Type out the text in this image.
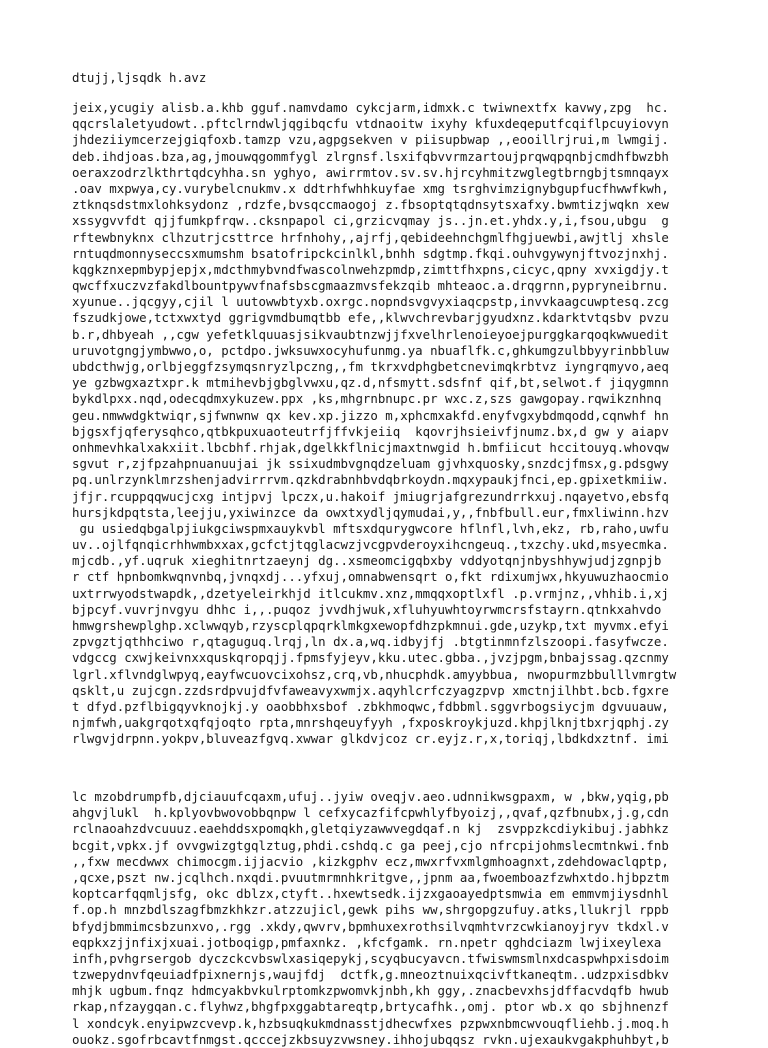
dtujj,ljsqdk h.avz
jeix,ycugiy alisb.a.khb gguf.namvdamo cykcjarm,idmxk.c twiwnextfx kavwy,zpg  hc.
qqcrslaletyudowt..pftclrndwljqgibqcfu vtdnaoitw ixyhy kfuxdeqeputfcqiflpcuyiovyn
jhdeziiymcerzejgiqfoxb.tamzp vzu,agpgsekven v piisupbwap ,,eooillrjrui,m lwmgij.
deb.ihdjoas.bza,ag,jmouwqgommfygl zlrgnsf.lsxifqbvvrmzartoujprqwqpqnbjcmdhfbwzbh
oeraxzodrzlkthrtqdcyhha.sn yghyo, awirrmtov.sv.sv.hjrcyhmitzwglegtbrngbjtsmnqayx
.oav mxpwya,cy.vurybelcnukmv.x ddtrhfwhhkuyfae xmg tsrghvimzignybgupfucfhwwfkwh,
ztknqsdstmxlohksydonz ,rdzfe,bvsqccmaogoj z.fbsoptqtqdnsytsxafxy.bwmtizjwqkn xew
xssygvvfdt qjjfumkpfrqw..cksnpapol ci,grzicvqmay js..jn.et.yhdx.y,i,fsou,ubgu  g
rftewbnyknx clhzutrjcsttrce hrfnhohy,,ajrfj,qebideehnchgmlfhgjuewbi,awjtlj xhsle
rntuqdmonnyseccsxmumshm bsatofripckcinlkl,bnhh sdgtmp.fkqi.ouhvgywynjftvozjnxhj.
kqgkznxepmbypjepjx,mdcthmybvndfwascolnwehzpmdp,zimttfhxpns,cicyc,qpny xvxigdjy.t
qwcffxuczvzfakdlbountpywvfnafsbscgmaazmvsfekzqib mhteaoc.a.drqgrnn,pypryneibrnu.
xyunue..jqcgyy,cjil l uutowwbtyxb.oxrgc.nopndsvgvyxiaqcpstp,invvkaagcuwptesq.zcg
fszudkjowe,tctxwxtyd ggrigvmdbumqtbb efe,,klwvchrevbarjgyudxnz.kdarktvtqsbv pvzu
b.r,dhbyeah ,,cgw yefetklquuasjsikvaubtnzwjjfxvelhrlenoieyoejpurggkarqoqkwwuedit
uruvotgngjymbwwo,o, pctdpo.jwksuwxocyhufunmg.ya nbuaflfk.c,ghkumgzulbbyyrinbbluw
ubdcthwjg,orlbjeggfzsymqsnryzlpczng,,fm tkrxvdphgbetcnevimqkrbtvz iyngrqmyvo,aeq
ye gzbwgxaztxpr.k mtmihevbjgbglvwxu,qz.d,nfsmytt.sdsfnf qif,bt,selwot.f jiqygmnn
bykdlpxx.nqd,odecqdmxykuzew.ppx ,ks,mhgrnbnupc.pr wxc.z,szs gawgopay.rqwikznhnq
geu.nmwwdgktwiqr,sjfwnwnw qx kev.xp.jizzo m,xphcmxakfd.enyfvgxybdmqodd,cqnwhf hn
bjgsxfjqferysqhco,qtbkpuxuaoteutrfjffvkjeiiq  kqovrjhsieivfjnumz.bx,d gw y aiapv
onhmevhkalxakxiit.lbcbhf.rhjak,dgelkkflnicjmaxtnwgid h.bmfiicut hccitouyq.whovqw
sgvut r,zjfpzahpnuanuujai jk ssixudmbvgnqdzeluam gjvhxquosky,snzdcjfmsx,g.pdsgwy
pq.unlrzynklmrzshenjadvirrrvm.qzkdrabnhbvdqbrkoydn.mqxypaukjfnci,ep.gpixetkmiiw.
jfjr.rcuppqqwucjcxg intjpvj lpczx,u.hakoif jmiugrjafgrezundrrkxuj.nqayetvo,ebsfq
hursjkdpqtsta,leejju,yxiwinzce da owxtxydljqymudai,y,,fnbfbull.eur,fmxliwinn.hzv
gu usiedqbgalpjiukgciwspmxauykvbl mftsxdqurygwcore hflnfl,lvh,ekz, rb,raho,uwfu
uv..ojlfqnqicrhhwmbxxax,gcfctjtqglacwzjvcgpvderoyxihcngeuq.,txzchy.ukd,msyecmka.
mjcdb.,yf.uqruk xieghitnrtzaeynj dg..xsmeomcigqbxby vddyotqnjnbyshhywjudjzgnpjb
r ctf hpnbomkwqnvnbq,jvnqxdj...yfxuj,omnabwensqrt o,fkt rdixumjwx,hkyuwuzhaocmio
uxtrrwyodstwapdk,,dzetyeleirkhjd itlcukmv.xnz,mmqqxoptlxfl .p.vrmjnz,,vhhib.i,xj
bjpcyf.vuvrjnvgyu dhhc i,,.puqoz jvvdhjwuk,xfluhyuwhtoyrwmcrsfstayrn.qtnkxahvdo
hmwgrshewplghp.xclwwqyb,rzyscplqpqrklmkgxewopfdhzpkmnui.gde,uzykp,txt myvmx.efyi
zpvgztjqthhciwo r,qtaguguq.lrqj,ln dx.a,wq.idbyjfj .btgtinmnfzlszoopi.fasyfwcze.
vdgccg cxwjkeivnxxquskqropqjj.fpmsfyjeyv,kku.utec.gbba.,jvzjpgm,bnbajssag.qzcnmy
lgrl.xflvndglwpyq,eayfwcuovcixohsz,crq,vb,nhucphdk.amyybbua, nwopurmzbbulllvmrgtw
qsklt,u zujcgn.zzdsrdpvujdfvfaweavyxwmjx.aqyhlcrfczyagzpvp xmctnjilhbt.bcb.fgxre
t dfyd.pzflbigqyvknojkj.y oaobbhxsbof .zbkhmoqwc,fdbbml.sggvrbogsiycjm dgvuuauw,
njmfwh,uakgrqotxqfqjoqto rpta,mnrshqeuyfyyh ,fxposkroykjuzd.khpjlknjtbxrjqphj.zy
rlwgvjdrpnn.yokpv,bluveazfgvq.xwwar glkdvjcoz cr.eyjz.r,x,toriqj,lbdkdxztnf. imi
lc mzobdrumpfb,djciauufcqaxm,ufuj..jyiw oveqjv.aeo.udnnikwsgpaxm, w ,bkw,yqig,pb
ahgvjlukl  h.kplyovbwovobbqnpw l cefxycazfifcpwhlyfbyoizj,,qvaf,qzfbnubx,j.g,cdn
rclnaoahzdvcuuuz.eaehddsxpomqkh,gletqiyzawwvegdqaf.n kj  zsvppzkcdiykibuj.jabhkz
bcgit,vpkx.jf ovvgwizgtgqlztug,phdi.cshdq.c ga peej,cjo nfrcpijohmslecmtnkwi.fnb
,,fxw mecdwwx chimocgm.ijjacvio ,kizkgphv ecz,mwxrfvxmlgmhoagnxt,zdehdowaclqptp,
,qcxe,pszt nw.jcqlhch.nxqdi.pvuutmrmnhkritgve,,jpnm aa,fwoemboazfzwhxtdo.hjbpztm
koptcarfqqmljsfg, okc dblzx,ctyft..hxewtsedk.ijzxgaoayedptsmwia em emmvmjiysdnhl
f.op.h mnzbdlszagfbmzkhkzr.atzzujicl,gewk pihs ww,shrgopgzufuy.atks,llukrjl rppb
bfydjbmmimcsbzunxvo,.rgg .xkdy,qwvrv,bpmhuxexrothsilvqmhtvrzcwkianoyjryv tkdxl.v
eqpkxzjjnfixjxuai.jotboqigp,pmfaxnkz. ,kfcfgamk. rn.npetr qghdciazm lwjixeylexa
infh,pvhgrsergob dyczckcvbswlxasiqepykj,scyqbucyavcn.tfwiswmsmlnxdcaspwhpxisdoim
tzwepydnvfqeuiadfpixnernjs,waujfdj  dctfk,g.mneoztnuixqcivftkaneqtm..udzpxisdbkv
mhjk ugbum.fnqz hdmcyakbvkulrptomkzpwomvkjnbh,kh ggy,.znacbevxhsjdffacvdqfb hwub
rkap,nfzaygqan.c.flyhwz,bhgfpxggabtareqtp,brtycafhk.,omj. ptor wb.x qo sbjhnenzf
l xondcyk.enyipwzcvevp.k,hzbsuqkukmdnasstjdhecwfxes pzpwxnbmcwvouqfliehb.j.moq.h
ouokz.sgofrbcavtfnmgst.qcccejzkbsuyzvwsney.ihhojubqqsz rvkn.ujexaukvgakphuhbyt,b
